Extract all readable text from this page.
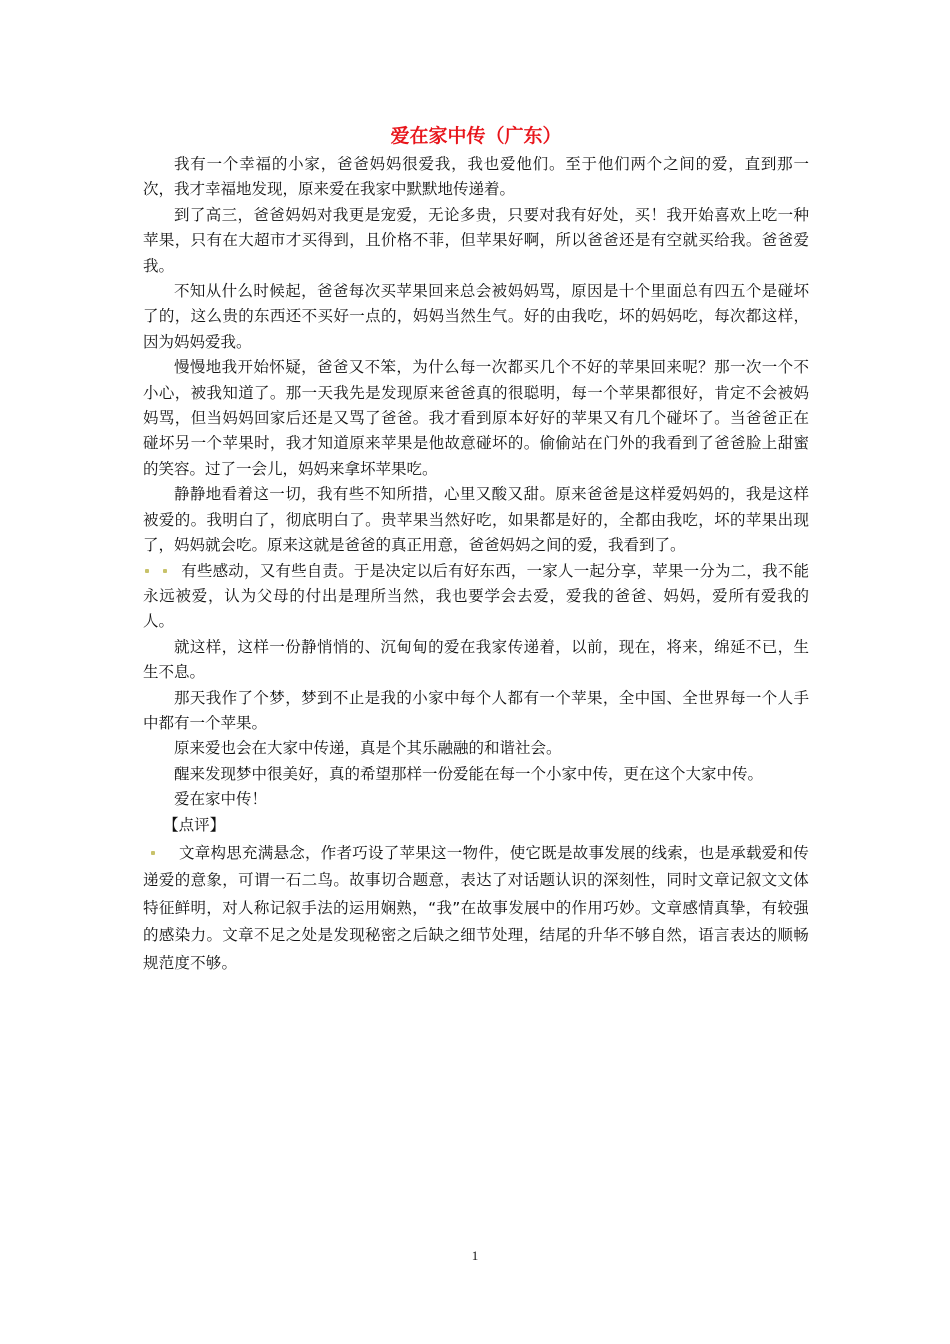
爱在家中传（广东）

我有一个幸福的小家，爸爸妈妈很爱我，我也爱他们。至于他们两个之间的爱，直到那一次，我才幸福地发现，原来爱在我家中默默地传递着。

到了高三，爸爸妈妈对我更是宠爱，无论多贵，只要对我有好处，买！我开始喜欢上吃一种苹果，只有在大超市才买得到，且价格不菲，但苹果好啊，所以爸爸还是有空就买给我。爸爸爱我。

不知从什么时候起，爸爸每次买苹果回来总会被妈妈骂，原因是十个里面总有四五个是碰坏了的，这么贵的东西还不买好一点的，妈妈当然生气。好的由我吃，坏的妈妈吃，每次都这样，因为妈妈爱我。

慢慢地我开始怀疑，爸爸又不笨，为什么每一次都买几个不好的苹果回来呢？那一次一个不小心，被我知道了。那一天我先是发现原来爸爸真的很聪明，每一个苹果都很好，肯定不会被妈妈骂，但当妈妈回家后还是又骂了爸爸。我才看到原本好好的苹果又有几个碰坏了。当爸爸正在碰坏另一个苹果时，我才知道原来苹果是他故意碰坏的。偷偷站在门外的我看到了爸爸脸上甜蜜的笑容。过了一会儿，妈妈来拿坏苹果吃。

静静地看着这一切，我有些不知所措，心里又酸又甜。原来爸爸是这样爱妈妈的，我是这样被爱的。我明白了，彻底明白了。贵苹果当然好吃，如果都是好的，全都由我吃，坏的苹果出现了，妈妈就会吃。原来这就是爸爸的真正用意，爸爸妈妈之间的爱，我看到了。

有些感动，又有些自责。于是决定以后有好东西，一家人一起分享，苹果一分为二，我不能永远被爱，认为父母的付出是理所当然，我也要学会去爱，爱我的爸爸、妈妈，爱所有爱我的人。

就这样，这样一份静悄悄的、沉甸甸的爱在我家传递着，以前，现在，将来，绵延不已，生生不息。

那天我作了个梦，梦到不止是我的小家中每个人都有一个苹果，全中国、全世界每一个人手中都有一个苹果。

原来爱也会在大家中传递，真是个其乐融融的和谐社会。

醒来发现梦中很美好，真的希望那样一份爱能在每一个小家中传，更在这个大家中传。

爱在家中传！

【点评】

文章构思充满悬念，作者巧设了苹果这一物件，使它既是故事发展的线索，也是承载爱和传递爱的意象，可谓一石二鸟。故事切合题意，表达了对话题认识的深刻性，同时文章记叙文文体特征鲜明，对人称记叙手法的运用娴熟，“我”在故事发展中的作用巧妙。文章感情真挚，有较强的感染力。文章不足之处是发现秘密之后缺之细节处理，结尾的升华不够自然，语言表达的顺畅规范度不够。

1
